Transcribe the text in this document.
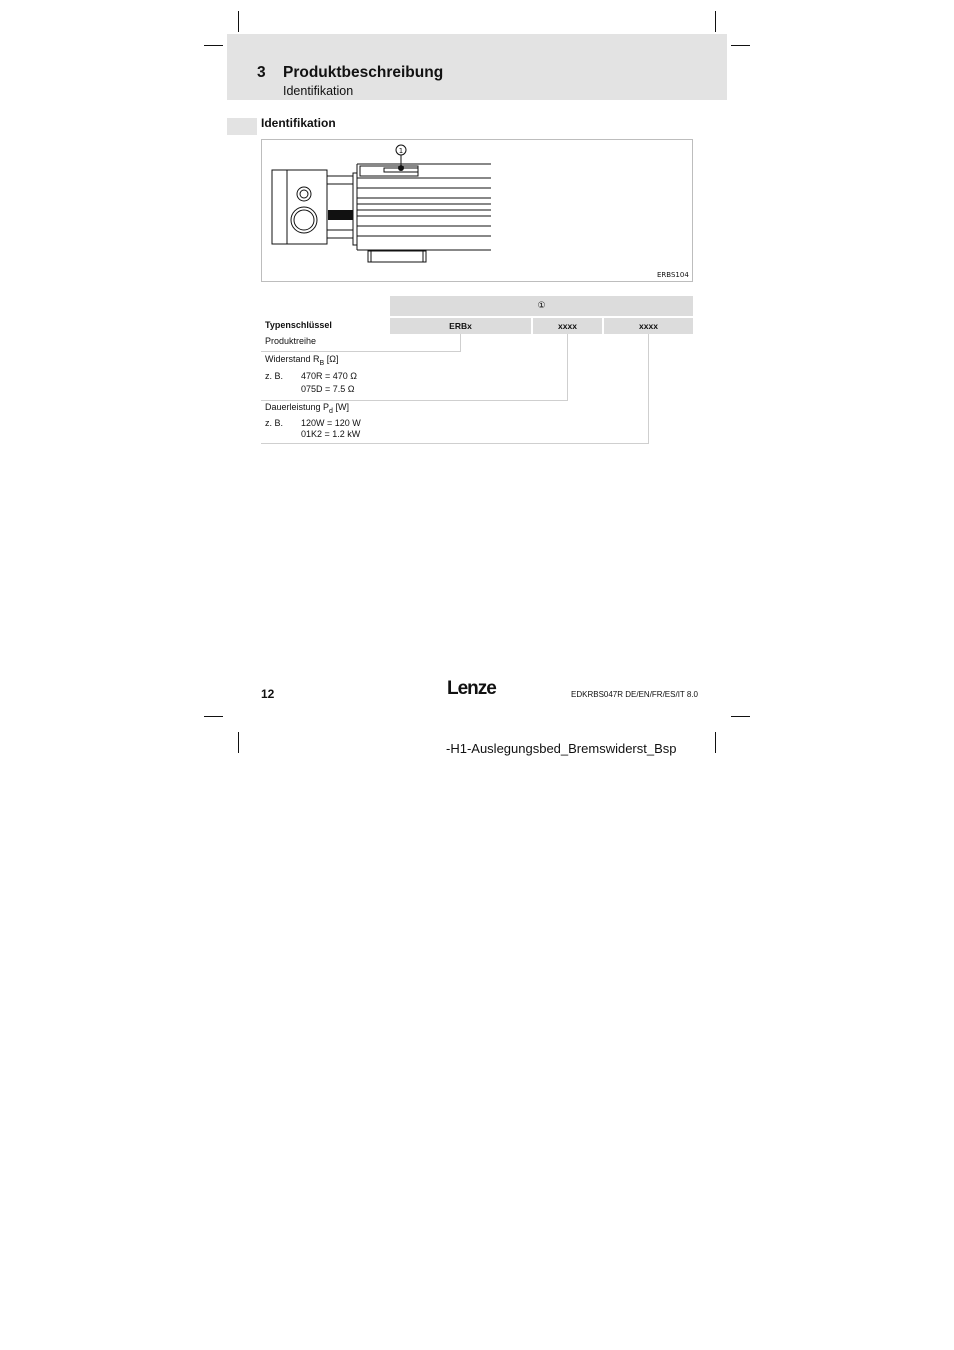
3 Produktbeschreibung
Identifikation
Identifikation
1
ERBS104
①
ERBx	xxxx	xxxx
Typenschlüssel
Produktreihe
Widerstand $R_B$ [Ω]
z. B. 470R = 470 Ω
075D = 7.5 Ω
Dauerleistung $P_d$ [W]
z. B. 120W = 120 W
01K2 = 1.2 kW
12	Lenze	EDKRBS047R DE/EN/FR/ES/IT 8.0
-H1-Auslegungsbed_Bremswiderst_Bsp
